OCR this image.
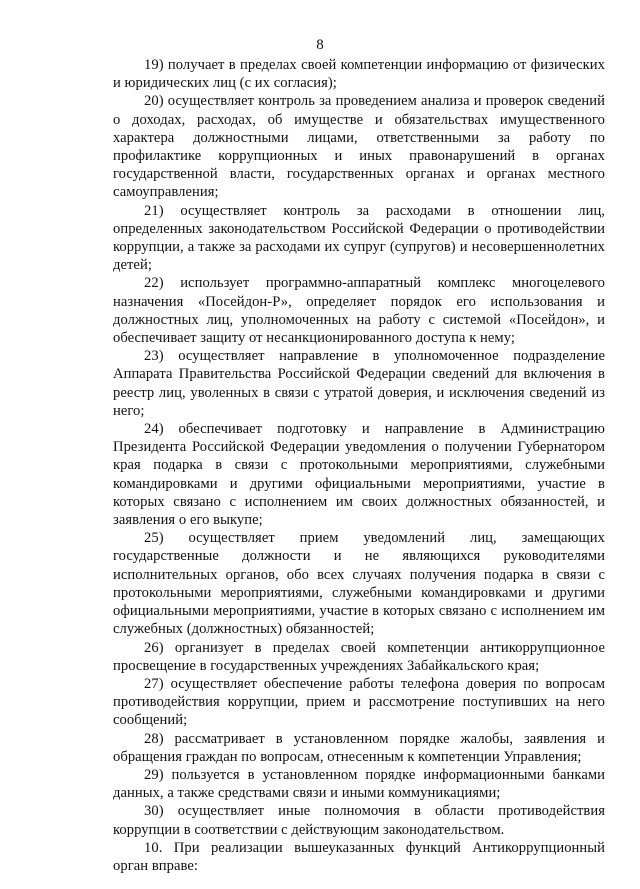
8

19) получает в пределах своей компетенции информацию от физических и юридических лиц (с их согласия);

20) осуществляет контроль за проведением анализа и проверок сведений о доходах, расходах, об имуществе и обязательствах имущественного характера должностными лицами, ответственными за работу по профилактике коррупционных и иных правонарушений в органах государственной власти, государственных органах и органах местного самоуправления;

21) осуществляет контроль за расходами в отношении лиц, определенных законодательством Российской Федерации о противодействии коррупции, а также за расходами их супруг (супругов) и несовершеннолетних детей;

22) использует программно-аппаратный комплекс многоцелевого назначения «Посейдон-Р», определяет порядок его использования и должностных лиц, уполномоченных на работу с системой «Посейдон», и обеспечивает защиту от несанкционированного доступа к нему;

23) осуществляет направление в уполномоченное подразделение Аппарата Правительства Российской Федерации сведений для включения в реестр лиц, уволенных в связи с утратой доверия, и исключения сведений из него;

24) обеспечивает подготовку и направление в Администрацию Президента Российской Федерации уведомления о получении Губернатором края подарка в связи с протокольными мероприятиями, служебными командировками и другими официальными мероприятиями, участие в которых связано с исполнением им своих должностных обязанностей, и заявления о его выкупе;

25) осуществляет прием уведомлений лиц, замещающих государственные должности и не являющихся руководителями исполнительных органов, обо всех случаях получения подарка в связи с протокольными мероприятиями, служебными командировками и другими официальными мероприятиями, участие в которых связано с исполнением им служебных (должностных) обязанностей;

26) организует в пределах своей компетенции антикоррупционное просвещение в государственных учреждениях Забайкальского края;

27) осуществляет обеспечение работы телефона доверия по вопросам противодействия коррупции, прием и рассмотрение поступивших на него сообщений;

28) рассматривает в установленном порядке жалобы, заявления и обращения граждан по вопросам, отнесенным к компетенции Управления;

29) пользуется в установленном порядке информационными банками данных, а также средствами связи и иными коммуникациями;

30) осуществляет иные полномочия в области противодействия коррупции в соответствии с действующим законодательством.

10. При реализации вышеуказанных функций Антикоррупционный орган вправе:
